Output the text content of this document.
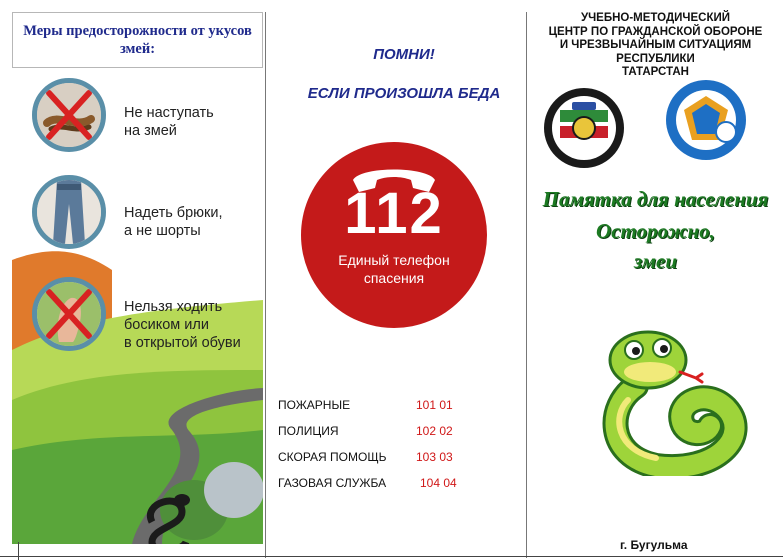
Меры предосторожности от укусов змей:
Не наступать
на змей
Надеть брюки,
а не шорты
Нельзя ходить
босиком или
в открытой обуви
ПОМНИ!
ЕСЛИ ПРОИЗОШЛА БЕДА
112
Единый телефон
спасения
ПОЖАРНЫЕ	101 01
ПОЛИЦИЯ	102 02
СКОРАЯ ПОМОЩЬ 103 03
ГАЗОВАЯ СЛУЖБА	104 04
УЧЕБНО-МЕТОДИЧЕСКИЙ
ЦЕНТР ПО ГРАЖДАНСКОЙ ОБОРОНЕ
И ЧРЕЗВЫЧАЙНЫМ СИТУАЦИЯМ
РЕСПУБЛИКИ
ТАТАРСТАН
Памятка для населения
Осторожно,
змеи
г. Бугульма
